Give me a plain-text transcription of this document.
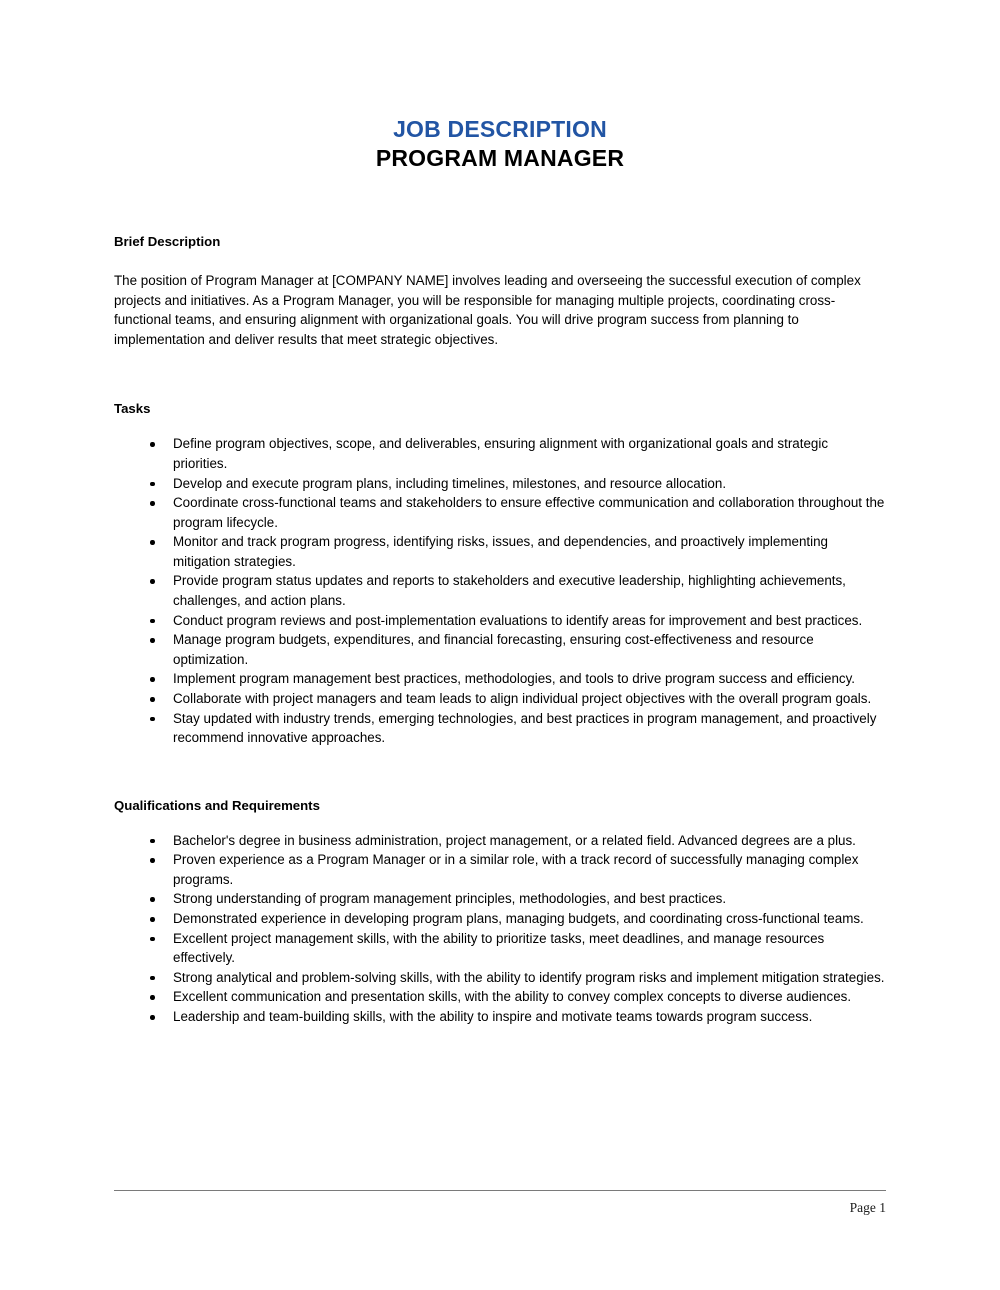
JOB DESCRIPTION
PROGRAM MANAGER
Brief Description

The position of Program Manager at [COMPANY NAME] involves leading and overseeing the successful execution of complex projects and initiatives. As a Program Manager, you will be responsible for managing multiple projects, coordinating cross-functional teams, and ensuring alignment with organizational goals. You will drive program success from planning to implementation and deliver results that meet strategic objectives.

Tasks
Define program objectives, scope, and deliverables, ensuring alignment with organizational goals and strategic priorities.
Develop and execute program plans, including timelines, milestones, and resource allocation.
Coordinate cross-functional teams and stakeholders to ensure effective communication and collaboration throughout the program lifecycle.
Monitor and track program progress, identifying risks, issues, and dependencies, and proactively implementing mitigation strategies.
Provide program status updates and reports to stakeholders and executive leadership, highlighting achievements, challenges, and action plans.
Conduct program reviews and post-implementation evaluations to identify areas for improvement and best practices.
Manage program budgets, expenditures, and financial forecasting, ensuring cost-effectiveness and resource optimization.
Implement program management best practices, methodologies, and tools to drive program success and efficiency.
Collaborate with project managers and team leads to align individual project objectives with the overall program goals.
Stay updated with industry trends, emerging technologies, and best practices in program management, and proactively recommend innovative approaches.
Qualifications and Requirements
Bachelor's degree in business administration, project management, or a related field. Advanced degrees are a plus.
Proven experience as a Program Manager or in a similar role, with a track record of successfully managing complex programs.
Strong understanding of program management principles, methodologies, and best practices.
Demonstrated experience in developing program plans, managing budgets, and coordinating cross-functional teams.
Excellent project management skills, with the ability to prioritize tasks, meet deadlines, and manage resources effectively.
Strong analytical and problem-solving skills, with the ability to identify program risks and implement mitigation strategies.
Excellent communication and presentation skills, with the ability to convey complex concepts to diverse audiences.
Leadership and team-building skills, with the ability to inspire and motivate teams towards program success.
Page 1
